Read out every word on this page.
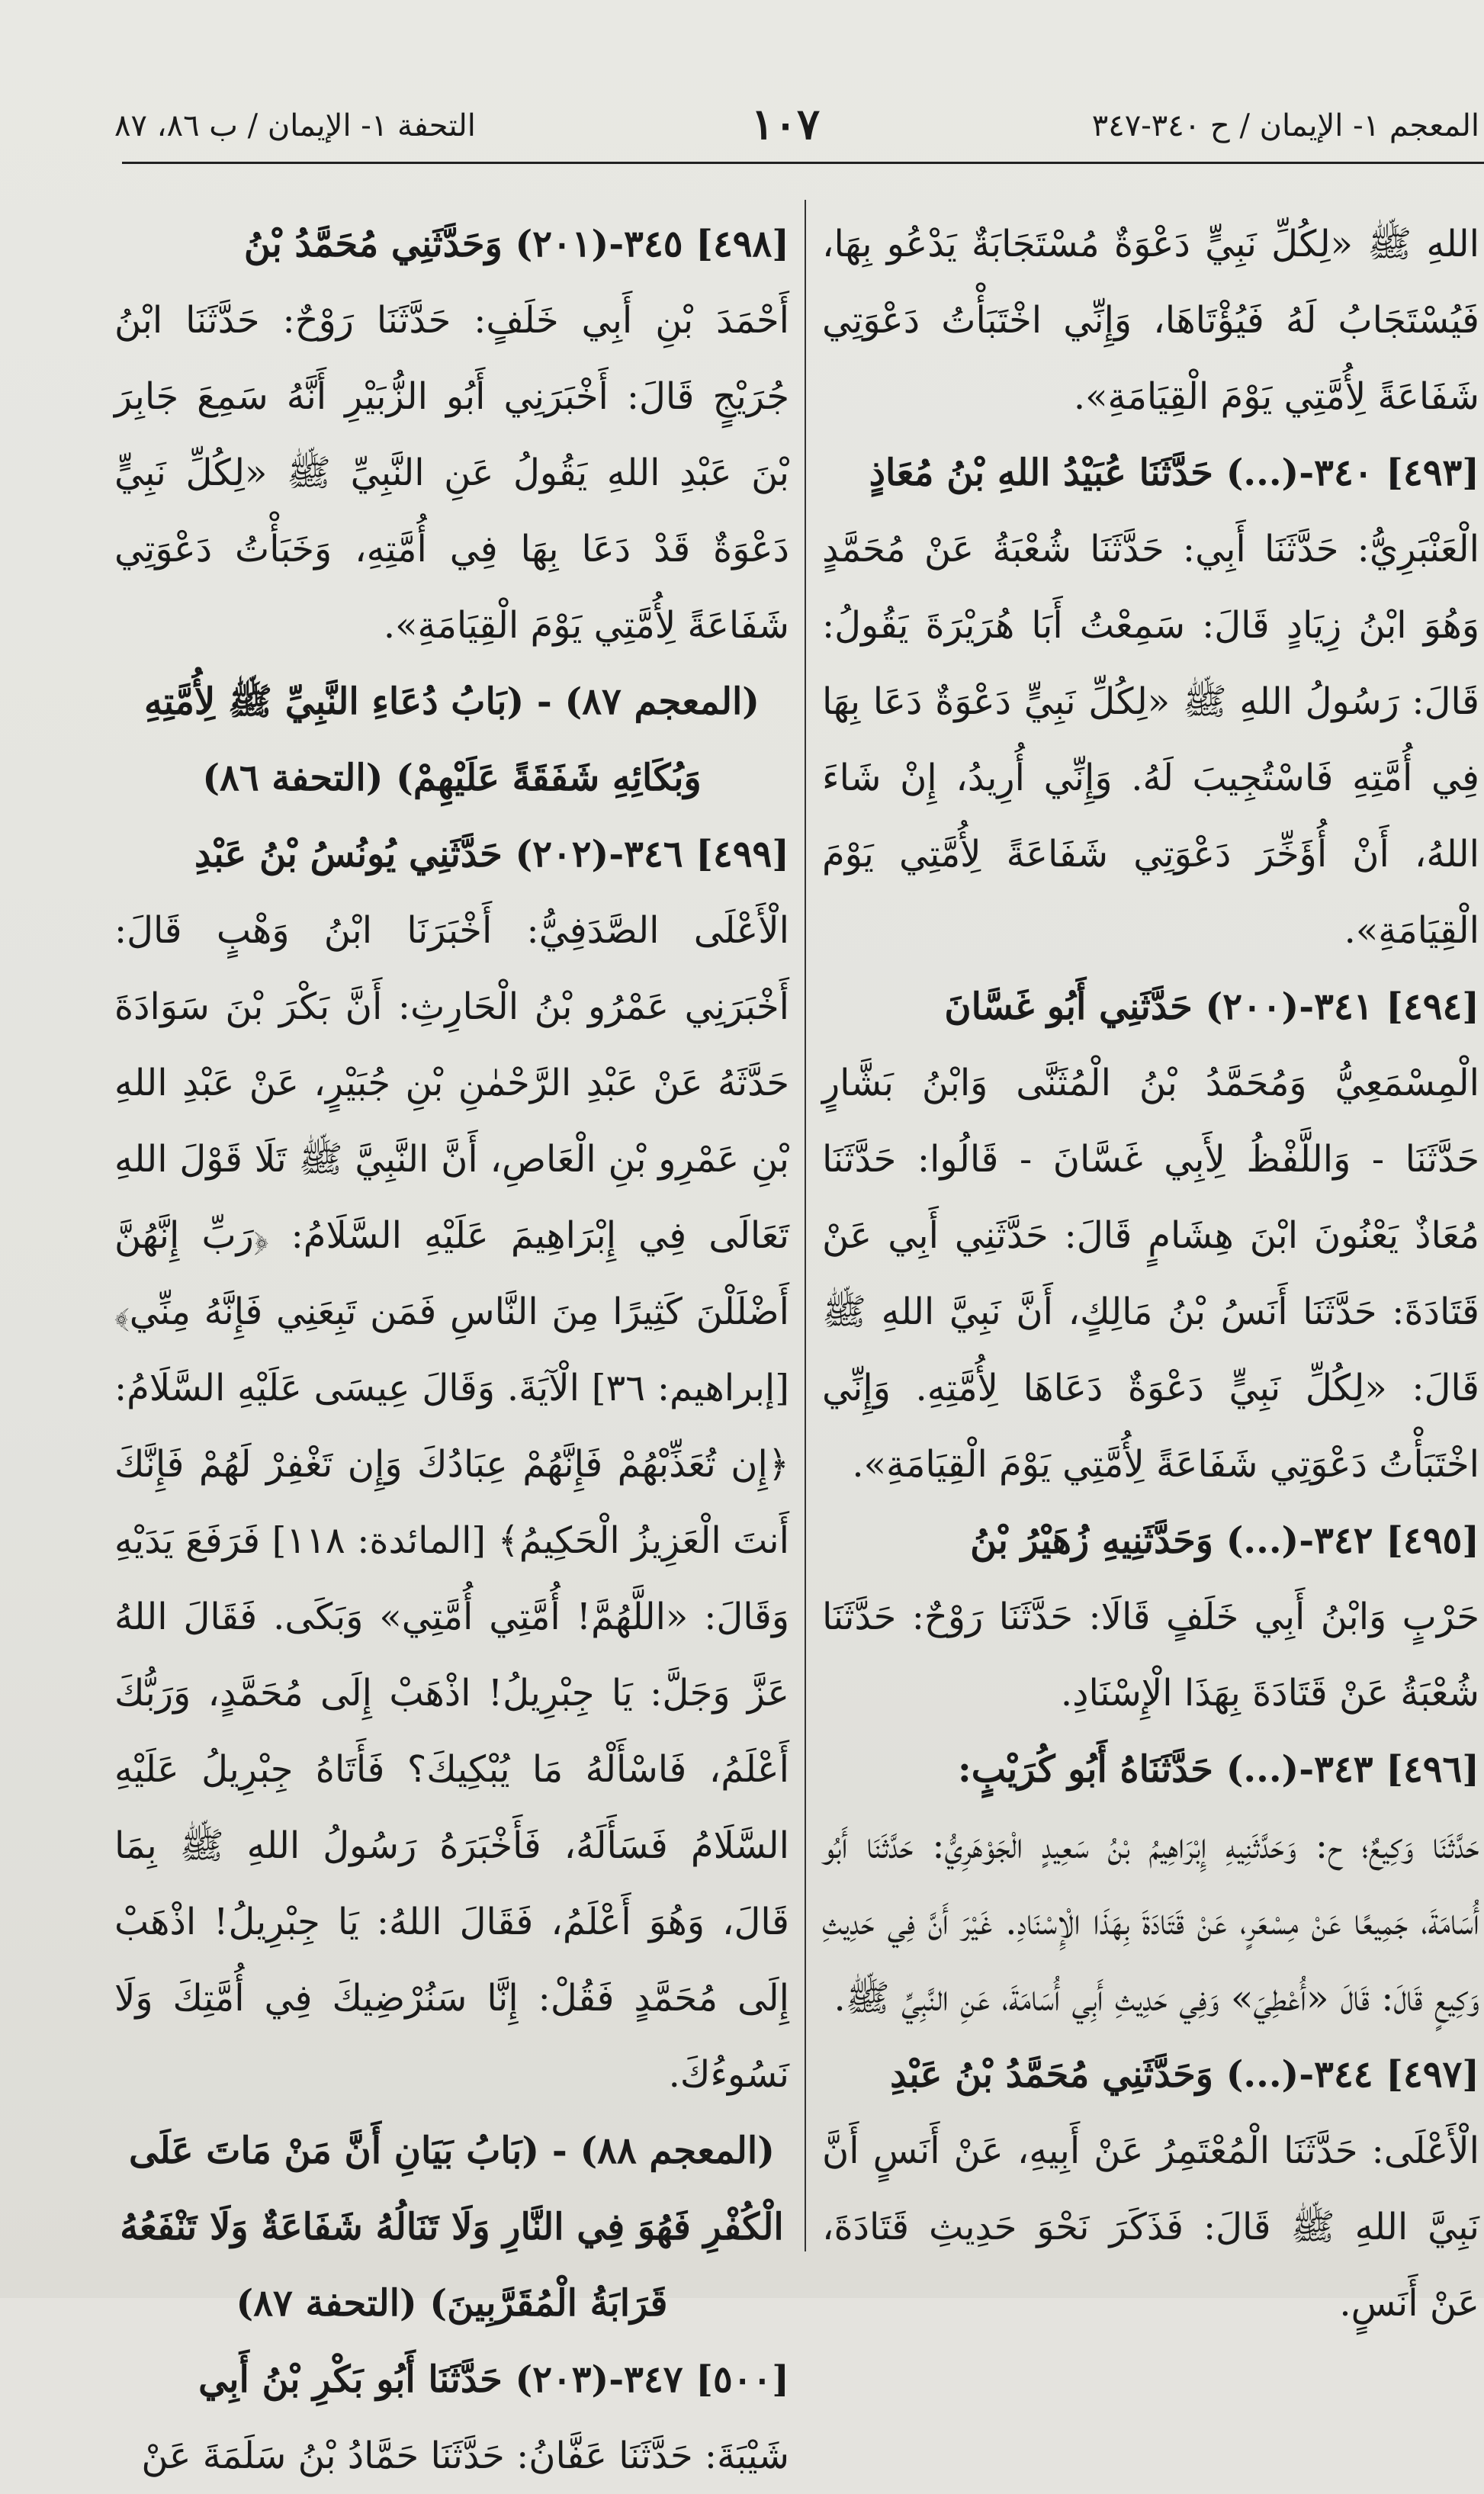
المعجم ١- الإيمان / ح ٣٤٠-٣٤٧
١٠٧
التحفة ١- الإيمان / ب ٨٦، ٨٧

اللهِ ﷺ «لِكُلِّ نَبِيٍّ دَعْوَةٌ مُسْتَجَابَةٌ يَدْعُو بِهَا، فَيُسْتَجَابُ لَهُ فَيُؤْتَاهَا، وَإِنِّي اخْتَبَأْتُ دَعْوَتِي شَفَاعَةً لِأُمَّتِي يَوْمَ الْقِيَامَةِ».

[٤٩٣] ٣٤٠-(...) حَدَّثَنَا عُبَيْدُ اللهِ بْنُ مُعَاذٍ

الْعَنْبَرِيُّ: حَدَّثَنَا أَبِي: حَدَّثَنَا شُعْبَةُ عَنْ مُحَمَّدٍ وَهُوَ ابْنُ زِيَادٍ قَالَ: سَمِعْتُ أَبَا هُرَيْرَةَ يَقُولُ: قَالَ: رَسُولُ اللهِ ﷺ «لِكُلِّ نَبِيٍّ دَعْوَةٌ دَعَا بِهَا فِي أُمَّتِهِ فَاسْتُجِيبَ لَهُ. وَإِنِّي أُرِيدُ، إِنْ شَاءَ اللهُ، أَنْ أُؤَخِّرَ دَعْوَتِي شَفَاعَةً لِأُمَّتِي يَوْمَ الْقِيَامَةِ».

[٤٩٤] ٣٤١-(٢٠٠) حَدَّثَنِي أَبُو غَسَّانَ

الْمِسْمَعِيُّ وَمُحَمَّدُ بْنُ الْمُثَنَّى وَابْنُ بَشَّارٍ حَدَّثَنَا - وَاللَّفْظُ لِأَبِي غَسَّانَ - قَالُوا: حَدَّثَنَا مُعَاذٌ يَعْنُونَ ابْنَ هِشَامٍ قَالَ: حَدَّثَنِي أَبِي عَنْ قَتَادَةَ: حَدَّثَنَا أَنَسُ بْنُ مَالِكٍ، أَنَّ نَبِيَّ اللهِ ﷺ قَالَ: «لِكُلِّ نَبِيٍّ دَعْوَةٌ دَعَاهَا لِأُمَّتِهِ. وَإِنِّي اخْتَبَأْتُ دَعْوَتِي شَفَاعَةً لِأُمَّتِي يَوْمَ الْقِيَامَةِ».

[٤٩٥] ٣٤٢-(...) وَحَدَّثَنِيهِ زُهَيْرُ بْنُ

حَرْبٍ وَابْنُ أَبِي خَلَفٍ قَالَا: حَدَّثَنَا رَوْحٌ: حَدَّثَنَا شُعْبَةُ عَنْ قَتَادَةَ بِهَذَا الْإِسْنَادِ.

[٤٩٦] ٣٤٣-(...) حَدَّثَنَاهُ أَبُو كُرَيْبٍ:

حَدَّثَنَا وَكِيعٌ؛ ح: وَحَدَّثَنِيهِ إِبْرَاهِيمُ بْنُ سَعِيدٍ الْجَوْهَرِيُّ: حَدَّثَنَا أَبُو أُسَامَةَ، جَمِيعًا عَنْ مِسْعَرٍ، عَنْ قَتَادَةَ بِهَذَا الْإِسْنَادِ. غَيْرَ أَنَّ فِي حَدِيثِ وَكِيعٍ قَالَ: قَالَ «أُعْطِيَ» وَفِي حَدِيثِ أَبِي أُسَامَةَ، عَنِ النَّبِيِّ ﷺ.

[٤٩٧] ٣٤٤-(...) وَحَدَّثَنِي مُحَمَّدُ بْنُ عَبْدِ

الْأَعْلَى: حَدَّثَنَا الْمُعْتَمِرُ عَنْ أَبِيهِ، عَنْ أَنَسٍ أَنَّ نَبِيَّ اللهِ ﷺ قَالَ: فَذَكَرَ نَحْوَ حَدِيثِ قَتَادَةَ، عَنْ أَنَسٍ.

[٤٩٨] ٣٤٥-(٢٠١) وَحَدَّثَنِي مُحَمَّدُ بْنُ

أَحْمَدَ بْنِ أَبِي خَلَفٍ: حَدَّثَنَا رَوْحٌ: حَدَّثَنَا ابْنُ جُرَيْجٍ قَالَ: أَخْبَرَنِي أَبُو الزُّبَيْرِ أَنَّهُ سَمِعَ جَابِرَ بْنَ عَبْدِ اللهِ يَقُولُ عَنِ النَّبِيِّ ﷺ «لِكُلِّ نَبِيٍّ دَعْوَةٌ قَدْ دَعَا بِهَا فِي أُمَّتِهِ، وَخَبَأْتُ دَعْوَتِي شَفَاعَةً لِأُمَّتِي يَوْمَ الْقِيَامَةِ».

(المعجم ٨٧) - (بَابُ دُعَاءِ النَّبِيِّ ﷺ لِأُمَّتِهِ

وَبُكَائِهِ شَفَقَةً عَلَيْهِمْ) (التحفة ٨٦)

[٤٩٩] ٣٤٦-(٢٠٢) حَدَّثَنِي يُونُسُ بْنُ عَبْدِ

الْأَعْلَى الصَّدَفِيُّ: أَخْبَرَنَا ابْنُ وَهْبٍ قَالَ: أَخْبَرَنِي عَمْرُو بْنُ الْحَارِثِ: أَنَّ بَكْرَ بْنَ سَوَادَةَ حَدَّثَهُ عَنْ عَبْدِ الرَّحْمٰنِ بْنِ جُبَيْرٍ، عَنْ عَبْدِ اللهِ بْنِ عَمْرِو بْنِ الْعَاصِ، أَنَّ النَّبِيَّ ﷺ تَلَا قَوْلَ اللهِ تَعَالَى فِي إِبْرَاهِيمَ عَلَيْهِ السَّلَامُ: ﴿رَبِّ إِنَّهُنَّ أَضْلَلْنَ كَثِيرًا مِنَ النَّاسِ فَمَن تَبِعَنِي فَإِنَّهُ مِنِّي﴾ [إبراهيم: ٣٦] الْآيَةَ. وَقَالَ عِيسَى عَلَيْهِ السَّلَامُ: ﴿إِن تُعَذِّبْهُمْ فَإِنَّهُمْ عِبَادُكَ وَإِن تَغْفِرْ لَهُمْ فَإِنَّكَ أَنتَ الْعَزِيزُ الْحَكِيمُ﴾ [المائدة: ١١٨] فَرَفَعَ يَدَيْهِ وَقَالَ: «اللَّهُمَّ! أُمَّتِي أُمَّتِي» وَبَكَى. فَقَالَ اللهُ عَزَّ وَجَلَّ: يَا جِبْرِيلُ! اذْهَبْ إِلَى مُحَمَّدٍ، وَرَبُّكَ أَعْلَمُ، فَاسْأَلْهُ مَا يُبْكِيكَ؟ فَأَتَاهُ جِبْرِيلُ عَلَيْهِ السَّلَامُ فَسَأَلَهُ، فَأَخْبَرَهُ رَسُولُ اللهِ ﷺ بِمَا قَالَ، وَهُوَ أَعْلَمُ، فَقَالَ اللهُ: يَا جِبْرِيلُ! اذْهَبْ إِلَى مُحَمَّدٍ فَقُلْ: إِنَّا سَنُرْضِيكَ فِي أُمَّتِكَ وَلَا نَسُوءُكَ.

(المعجم ٨٨) - (بَابُ بَيَانِ أَنَّ مَنْ مَاتَ عَلَى

الْكُفْرِ فَهُوَ فِي النَّارِ وَلَا تَنَالُهُ شَفَاعَةٌ وَلَا تَنْفَعُهُ

قَرَابَةُ الْمُقَرَّبِينَ) (التحفة ٨٧)

[٥٠٠] ٣٤٧-(٢٠٣) حَدَّثَنَا أَبُو بَكْرِ بْنُ أَبِي

شَيْبَةَ: حَدَّثَنَا عَفَّانُ: حَدَّثَنَا حَمَّادُ بْنُ سَلَمَةَ عَنْ
